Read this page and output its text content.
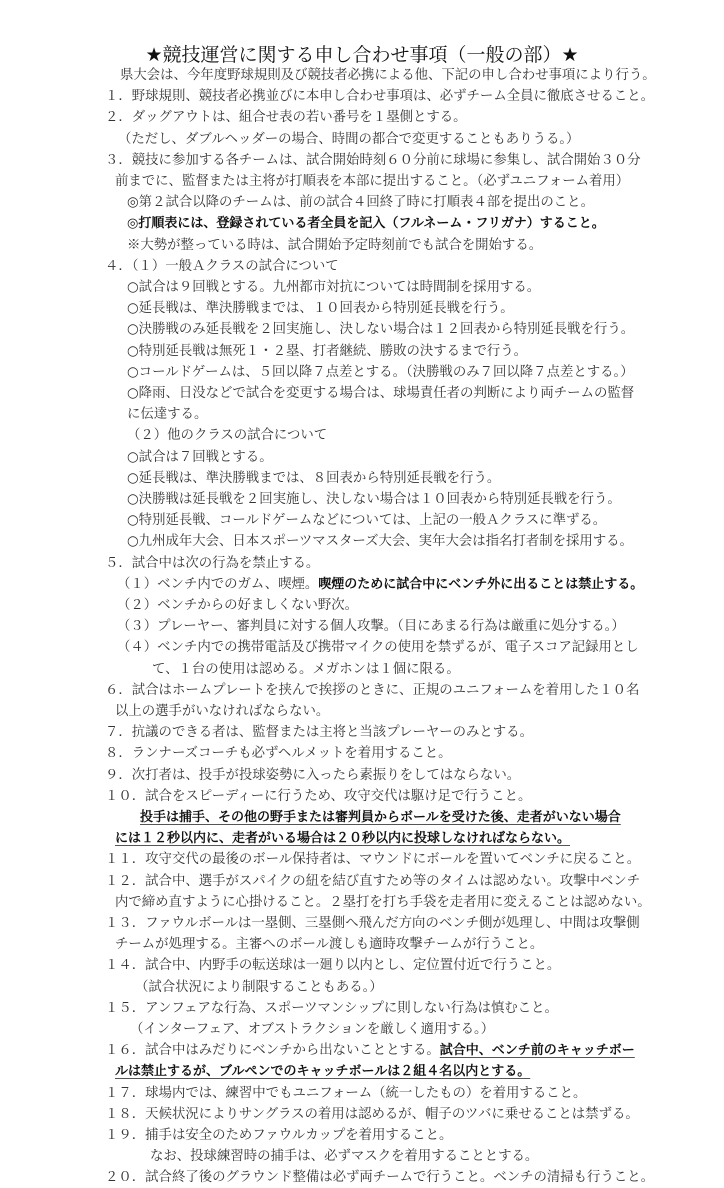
★競技運営に関する申し合わせ事項（一般の部）★
県大会は、今年度野球規則及び競技者必携による他、下記の申し合わせ事項により行う。
１．野球規則、競技者必携並びに本申し合わせ事項は、必ずチーム全員に徹底させること。
２．ダッグアウトは、組合せ表の若い番号を１塁側とする。
（ただし、ダブルヘッダーの場合、時間の都合で変更することもありうる。）
３．競技に参加する各チームは、試合開始時刻６０分前に球場に参集し、試合開始３０分
前までに、監督または主将が打順表を本部に提出すること。（必ずユニフォーム着用）
◎第２試合以降のチームは、前の試合４回終了時に打順表４部を提出のこと。
◎打順表には、登録されている者全員を記入（フルネーム・フリガナ）すること。
※大勢が整っている時は、試合開始予定時刻前でも試合を開始する。
４．（１）一般Ａクラスの試合について
○試合は９回戦とする。九州都市対抗については時間制を採用する。
○延長戦は、準決勝戦までは、１０回表から特別延長戦を行う。
○決勝戦のみ延長戦を２回実施し、決しない場合は１２回表から特別延長戦を行う。
○特別延長戦は無死１・２塁、打者継続、勝敗の決するまで行う。
○コールドゲームは、５回以降７点差とする。（決勝戦のみ７回以降７点差とする。）
○降雨、日没などで試合を変更する場合は、球場責任者の判断により両チームの監督
に伝達する。
（２）他のクラスの試合について
○試合は７回戦とする。
○延長戦は、準決勝戦までは、８回表から特別延長戦を行う。
○決勝戦は延長戦を２回実施し、決しない場合は１０回表から特別延長戦を行う。
○特別延長戦、コールドゲームなどについては、上記の一般Ａクラスに準ずる。
○九州成年大会、日本スポーツマスターズ大会、実年大会は指名打者制を採用する。
５．試合中は次の行為を禁止する。
（１）ベンチ内でのガム、喫煙。喫煙のために試合中にベンチ外に出ることは禁止する。
（２）ベンチからの好ましくない野次。
（３）プレーヤー、審判員に対する個人攻撃。（目にあまる行為は厳重に処分する。）
（４）ベンチ内での携帯電話及び携帯マイクの使用を禁ずるが、電子スコア記録用とし
て、１台の使用は認める。メガホンは１個に限る。
６．試合はホームプレートを挟んで挨拶のときに、正規のユニフォームを着用した１０名
以上の選手がいなければならない。
７．抗議のできる者は、監督または主将と当該プレーヤーのみとする。
８．ランナーズコーチも必ずヘルメットを着用すること。
９．次打者は、投手が投球姿勢に入ったら素振りをしてはならない。
１０．試合をスピーディーに行うため、攻守交代は駆け足で行うこと。
投手は捕手、その他の野手または審判員からボールを受けた後、走者がいない場合
には１２秒以内に、走者がいる場合は２０秒以内に投球しなければならない。
１１．攻守交代の最後のボール保持者は、マウンドにボールを置いてベンチに戻ること。
１２．試合中、選手がスパイクの紐を結び直すため等のタイムは認めない。攻撃中ベンチ
内で締め直すように心掛けること。２塁打を打ち手袋を走者用に変えることは認めない。
１３．ファウルボールは一塁側、三塁側へ飛んだ方向のベンチ側が処理し、中間は攻撃側
チームが処理する。主審へのボール渡しも適時攻撃チームが行うこと。
１４．試合中、内野手の転送球は一廻り以内とし、定位置付近で行うこと。
（試合状況により制限することもある。）
１５．アンフェアな行為、スポーツマンシップに則しない行為は慎むこと。
（インターフェア、オブストラクションを厳しく適用する。）
１６．試合中はみだりにベンチから出ないこととする。試合中、ベンチ前のキャッチボー
ルは禁止するが、ブルペンでのキャッチボールは２組４名以内とする。
１７．球場内では、練習中でもユニフォーム（統一したもの）を着用すること。
１８．天候状況によりサングラスの着用は認めるが、帽子のツバに乗せることは禁ずる。
１９．捕手は安全のためファウルカップを着用すること。
なお、投球練習時の捕手は、必ずマスクを着用することとする。
２０．試合終了後のグラウンド整備は必ず両チームで行うこと。ベンチの清掃も行うこと。
